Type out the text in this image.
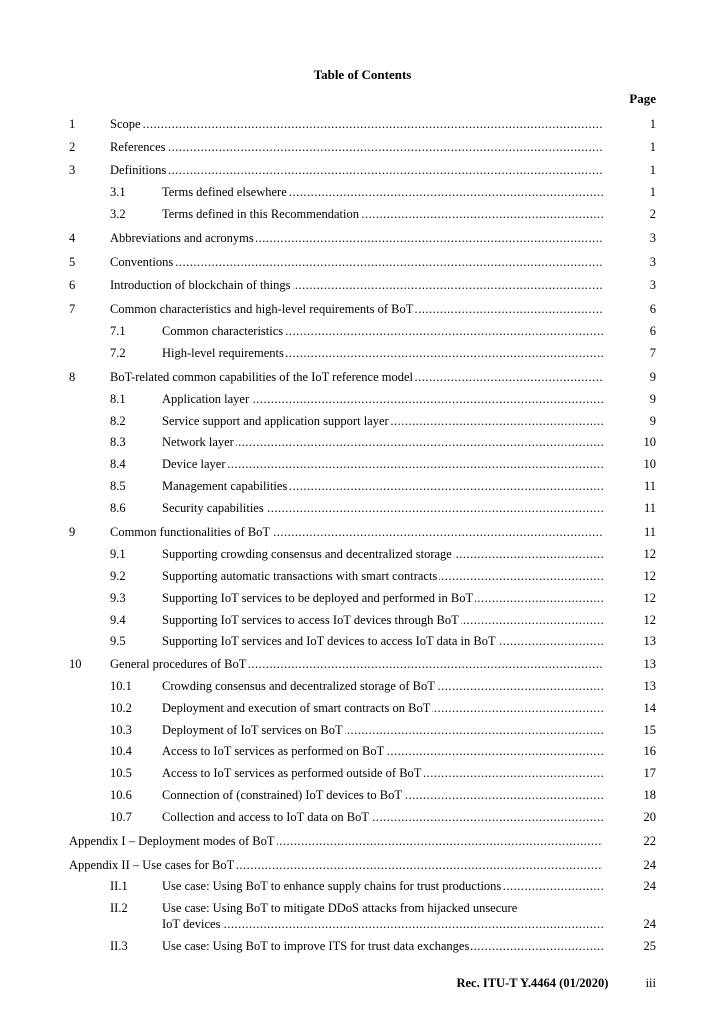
Table of Contents
Page
1	Scope .....	1
2	References .....	1
3	Definitions .....	1
3.1	Terms defined elsewhere .....	1
3.2	Terms defined in this Recommendation .....	2
4	Abbreviations and acronyms .....	3
5	Conventions .....	3
6	Introduction of blockchain of things .....	3
7	Common characteristics and high-level requirements of BoT .....	6
7.1	Common characteristics .....	6
7.2	High-level requirements .....	7
8	BoT-related common capabilities of the IoT reference model .....	9
8.1	Application layer .....	9
8.2	Service support and application support layer .....	9
8.3	Network layer .....	10
8.4	Device layer .....	10
8.5	Management capabilities .....	11
8.6	Security capabilities .....	11
9	Common functionalities of BoT .....	11
9.1	Supporting crowding consensus and decentralized storage .....	12
9.2	Supporting automatic transactions with smart contracts .....	12
9.3	Supporting IoT services to be deployed and performed in BoT .....	12
9.4	Supporting IoT services to access IoT devices through BoT .....	12
9.5	Supporting IoT services and IoT devices to access IoT data in BoT .....	13
10 General procedures of BoT .....	13
10.1 Crowding consensus and decentralized storage of BoT .....	13
10.2 Deployment and execution of smart contracts on BoT .....	14
10.3 Deployment of IoT services on BoT .....	15
10.4 Access to IoT services as performed on BoT .....	16
10.5 Access to IoT services as performed outside of BoT .....	17
10.6 Connection of (constrained) IoT devices to BoT .....	18
10.7 Collection and access to IoT data on BoT .....	20
Appendix I – Deployment modes of BoT .....	22
Appendix II – Use cases for BoT .....	24
II.1	Use case: Using BoT to enhance supply chains for trust productions .....	24
II.2	Use case: Using BoT to mitigate DDoS attacks from hijacked unsecure
IoT devices .....	24
II.3	Use case: Using BoT to improve ITS for trust data exchanges .....	25
Rec. ITU-T Y.4464 (01/2020)	iii
